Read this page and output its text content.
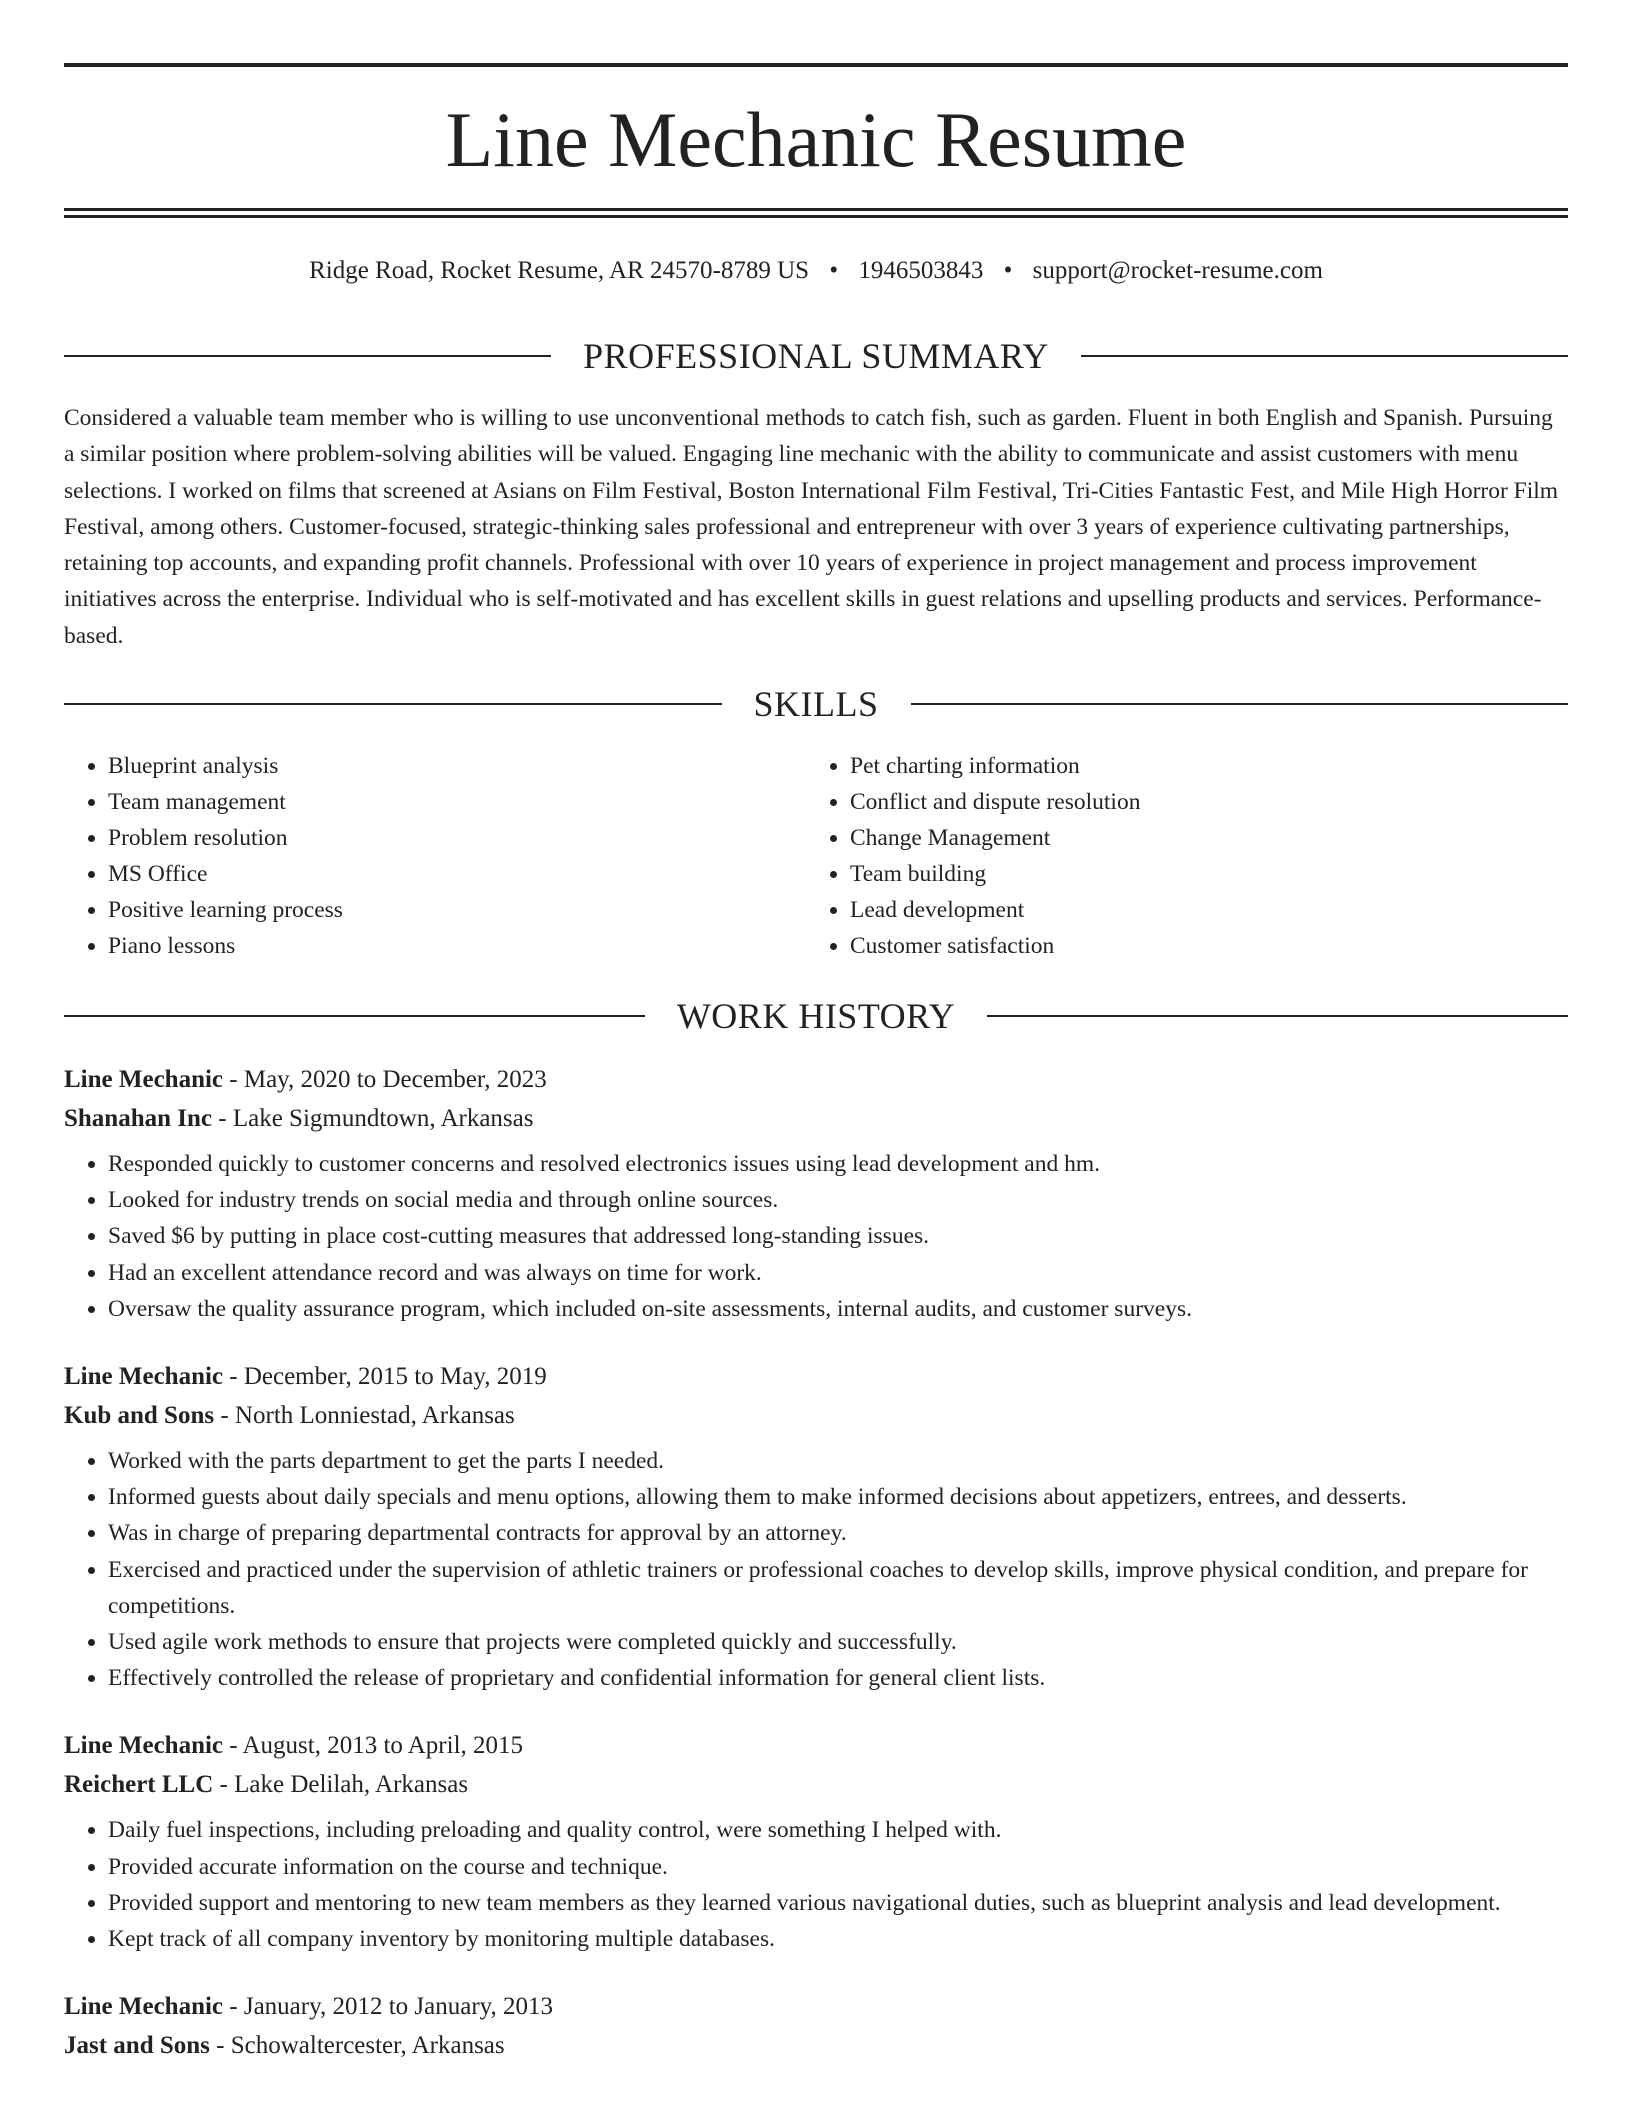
Line Mechanic Resume
Ridge Road, Rocket Resume, AR 24570-8789 US • 1946503843 • support@rocket-resume.com
PROFESSIONAL SUMMARY

Considered a valuable team member who is willing to use unconventional methods to catch fish, such as garden. Fluent in both English and Spanish. Pursuing a similar position where problem-solving abilities will be valued. Engaging line mechanic with the ability to communicate and assist customers with menu selections. I worked on films that screened at Asians on Film Festival, Boston International Film Festival, Tri-Cities Fantastic Fest, and Mile High Horror Film Festival, among others. Customer-focused, strategic-thinking sales professional and entrepreneur with over 3 years of experience cultivating partnerships, retaining top accounts, and expanding profit channels. Professional with over 10 years of experience in project management and process improvement initiatives across the enterprise. Individual who is self-motivated and has excellent skills in guest relations and upselling products and services. Performance-based.

SKILLS
• Blueprint analysis
• Team management
• Problem resolution
• MS Office
• Positive learning process
• Piano lessons
• Pet charting information
• Conflict and dispute resolution
• Change Management
• Team building
• Lead development
• Customer satisfaction
WORK HISTORY

Line Mechanic - May, 2020 to December, 2023

Shanahan Inc - Lake Sigmundtown, Arkansas

• Responded quickly to customer concerns and resolved electronics issues using lead development and hm.
• Looked for industry trends on social media and through online sources.
• Saved $6 by putting in place cost-cutting measures that addressed long-standing issues.
• Had an excellent attendance record and was always on time for work.
• Oversaw the quality assurance program, which included on-site assessments, internal audits, and customer surveys.

Line Mechanic - December, 2015 to May, 2019

Kub and Sons - North Lonniestad, Arkansas

• Worked with the parts department to get the parts I needed.
• Informed guests about daily specials and menu options, allowing them to make informed decisions about appetizers, entrees, and desserts.
• Was in charge of preparing departmental contracts for approval by an attorney.
• Exercised and practiced under the supervision of athletic trainers or professional coaches to develop skills, improve physical condition, and prepare for competitions.
• Used agile work methods to ensure that projects were completed quickly and successfully.
• Effectively controlled the release of proprietary and confidential information for general client lists.

Line Mechanic - August, 2013 to April, 2015

Reichert LLC - Lake Delilah, Arkansas

• Daily fuel inspections, including preloading and quality control, were something I helped with.
• Provided accurate information on the course and technique.
• Provided support and mentoring to new team members as they learned various navigational duties, such as blueprint analysis and lead development.
• Kept track of all company inventory by monitoring multiple databases.

Line Mechanic - January, 2012 to January, 2013

Jast and Sons - Schowaltercester, Arkansas
